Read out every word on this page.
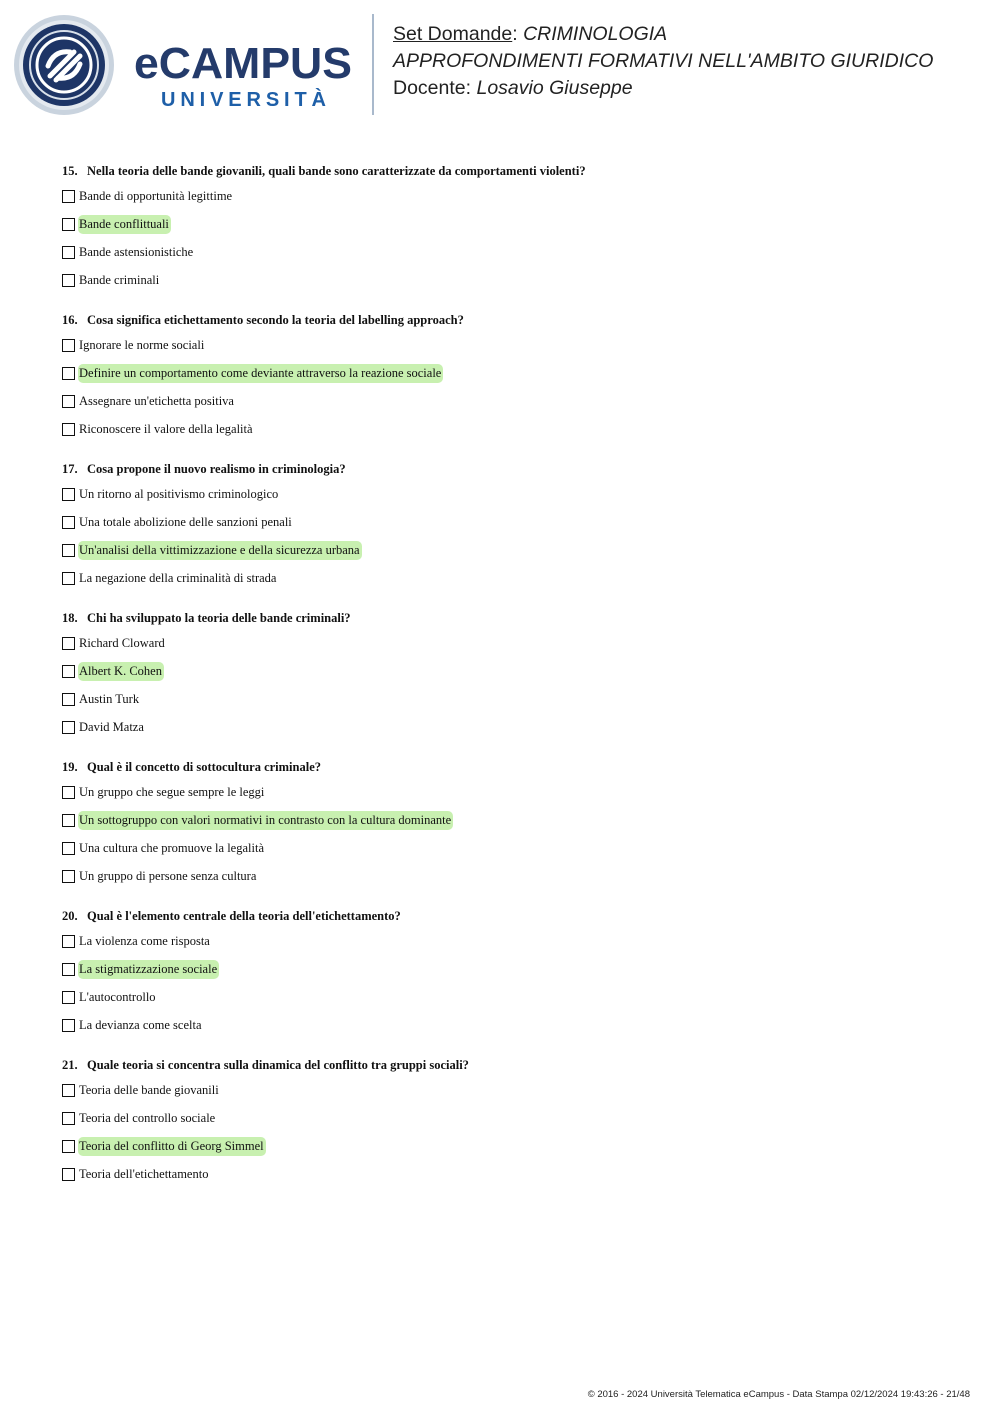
eCAMPUS
UNIVERSITÀ
Set Domande: CRIMINOLOGIA
APPROFONDIMENTI FORMATIVI NELL'AMBITO GIURIDICO
Docente: Losavio Giuseppe
15. Nella teoria delle bande giovanili, quali bande sono caratterizzate da comportamenti violenti?
Bande di opportunità legittime
Bande conflittuali
Bande astensionistiche
Bande criminali
16. Cosa significa etichettamento secondo la teoria del labelling approach?
Ignorare le norme sociali
Definire un comportamento come deviante attraverso la reazione sociale
Assegnare un'etichetta positiva
Riconoscere il valore della legalità
17. Cosa propone il nuovo realismo in criminologia?
Un ritorno al positivismo criminologico
Una totale abolizione delle sanzioni penali
Un'analisi della vittimizzazione e della sicurezza urbana
La negazione della criminalità di strada
18. Chi ha sviluppato la teoria delle bande criminali?
Richard Cloward
Albert K. Cohen
Austin Turk
David Matza
19. Qual è il concetto di sottocultura criminale?
Un gruppo che segue sempre le leggi
Un sottogruppo con valori normativi in contrasto con la cultura dominante
Una cultura che promuove la legalità
Un gruppo di persone senza cultura
20. Qual è l'elemento centrale della teoria dell'etichettamento?
La violenza come risposta
La stigmatizzazione sociale
L'autocontrollo
La devianza come scelta
21. Quale teoria si concentra sulla dinamica del conflitto tra gruppi sociali?
Teoria delle bande giovanili
Teoria del controllo sociale
Teoria del conflitto di Georg Simmel
Teoria dell'etichettamento
© 2016 - 2024 Università Telematica eCampus - Data Stampa 02/12/2024 19:43:26 - 21/48
